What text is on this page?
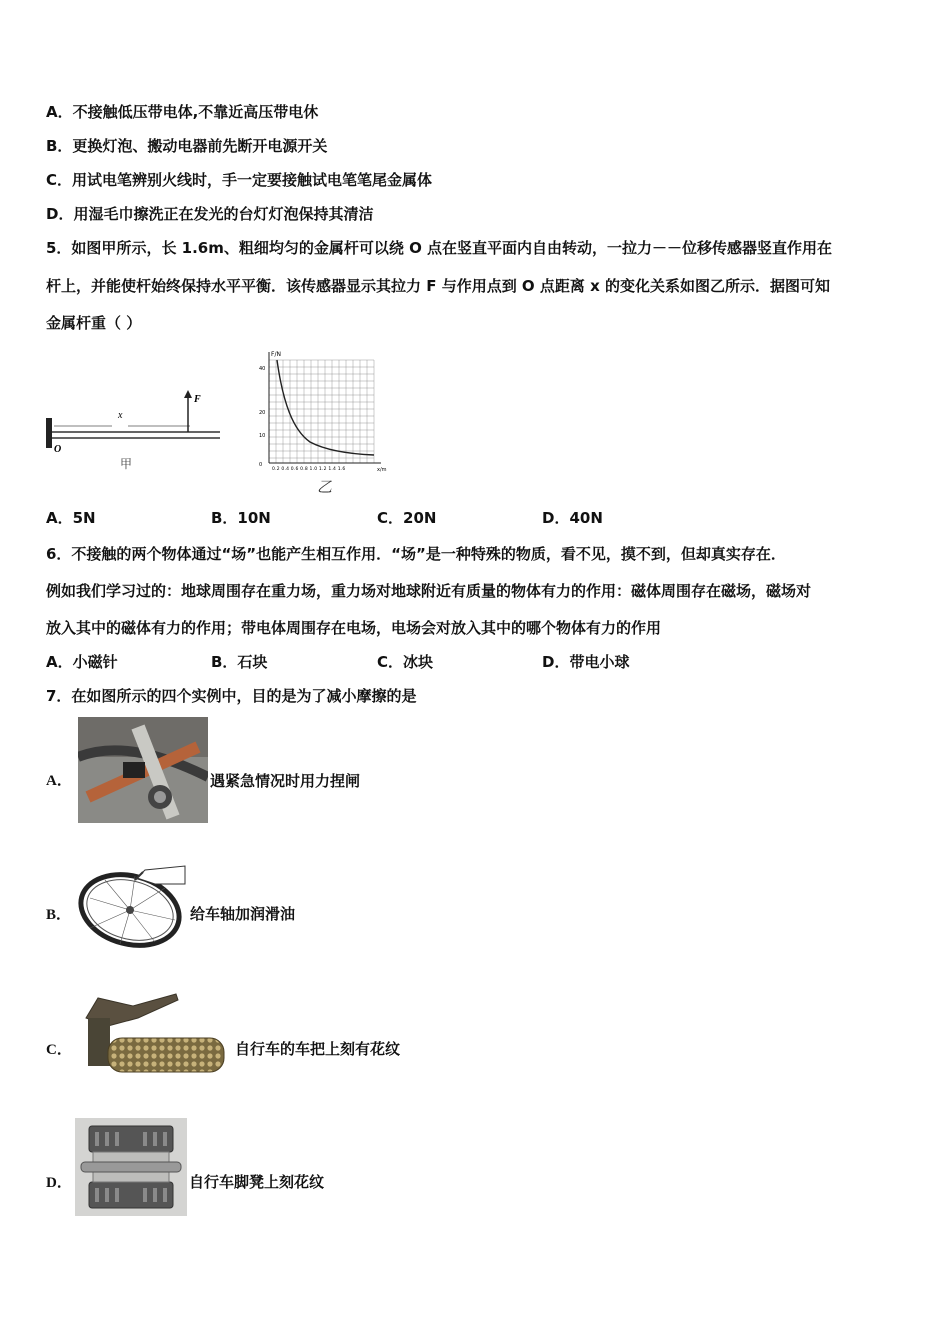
A．不接触低压带电体,不靠近高压带电休
B．更换灯泡、搬动电器前先断开电源开关
C．用试电笔辨别火线时，手一定要接触试电笔笔尾金属体
D．用湿毛巾擦洗正在发光的台灯灯泡保持其清洁
5．如图甲所示，长 1.6m、粗细均匀的金属杆可以绕 O 点在竖直平面内自由转动，一拉力－－位移传感器竖直作用在
杆上，并能使杆始终保持水平平衡．该传感器显示其拉力 F 与作用点到 O 点距离 x 的变化关系如图乙所示．据图可知
金属杆重（ ）
x
F
O
甲
F/N
40
20
10
0
0.2 0.4 0.6 0.8 1.0 1.2 1.4 1.6	x/m
乙
A．5N	B．10N	C．20N	D．40N
6．不接触的两个物体通过“场”也能产生相互作用．“场”是一种特殊的物质，看不见，摸不到，但却真实存在．
例如我们学习过的：地球周围存在重力场，重力场对地球附近有质量的物体有力的作用：磁体周围存在磁场，磁场对
放入其中的磁体有力的作用；带电体周围存在电场，电场会对放入其中的哪个物体有力的作用
A．小磁针	B．石块	C．冰块	D．带电小球
7．在如图所示的四个实例中，目的是为了减小摩擦的是
A．	遇紧急情况时用力捏闸
B．	给车轴加润滑油
C．	自行车的车把上刻有花纹
D．	自行车脚凳上刻花纹
